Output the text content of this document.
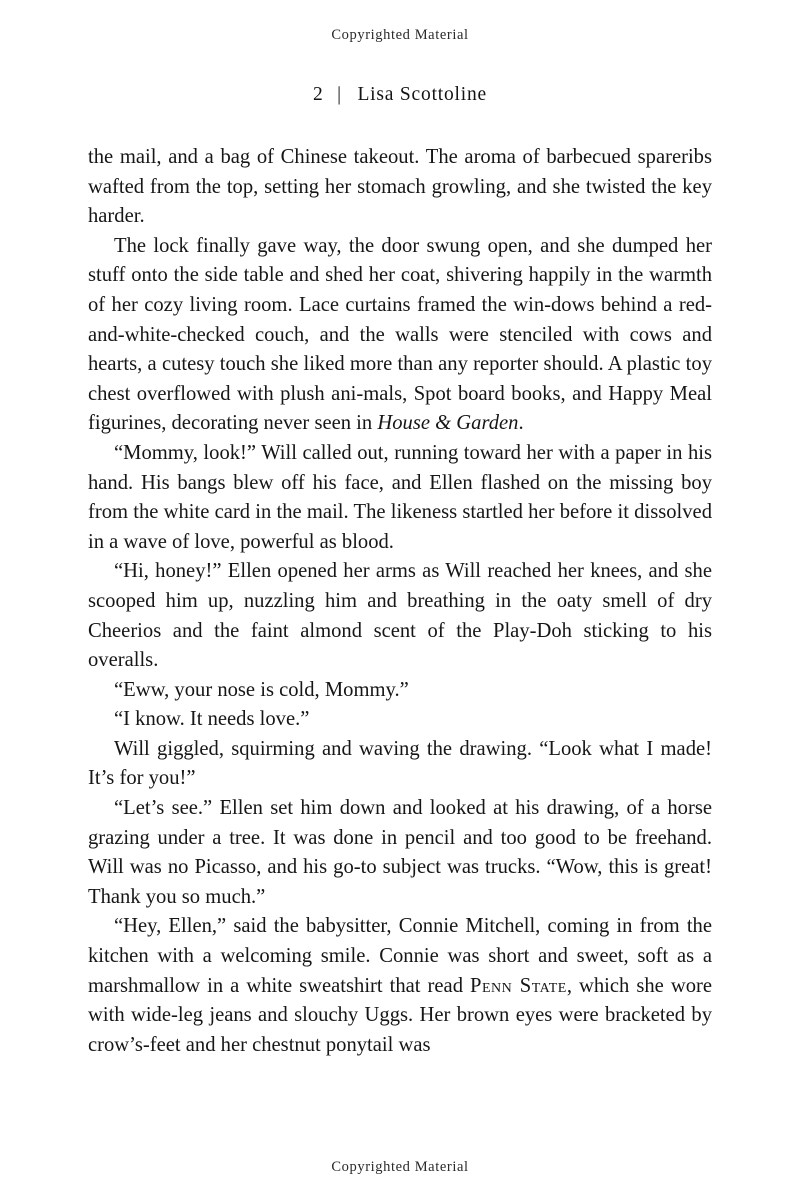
Copyrighted Material
2 | Lisa Scottoline

the mail, and a bag of Chinese takeout. The aroma of barbecued spareribs wafted from the top, setting her stomach growling, and she twisted the key harder.

The lock finally gave way, the door swung open, and she dumped her stuff onto the side table and shed her coat, shivering happily in the warmth of her cozy living room. Lace curtains framed the win-dows behind a red-and-white-checked couch, and the walls were stenciled with cows and hearts, a cutesy touch she liked more than any reporter should. A plastic toy chest overflowed with plush ani-mals, Spot board books, and Happy Meal figurines, decorating never seen in House & Garden.

“Mommy, look!” Will called out, running toward her with a paper in his hand. His bangs blew off his face, and Ellen flashed on the missing boy from the white card in the mail. The likeness startled her before it dissolved in a wave of love, powerful as blood.

“Hi, honey!” Ellen opened her arms as Will reached her knees, and she scooped him up, nuzzling him and breathing in the oaty smell of dry Cheerios and the faint almond scent of the Play-Doh sticking to his overalls.

“Eww, your nose is cold, Mommy.”

“I know. It needs love.”

Will giggled, squirming and waving the drawing. “Look what I made! It’s for you!”

“Let’s see.” Ellen set him down and looked at his drawing, of a horse grazing under a tree. It was done in pencil and too good to be freehand. Will was no Picasso, and his go-to subject was trucks. “Wow, this is great! Thank you so much.”

“Hey, Ellen,” said the babysitter, Connie Mitchell, coming in from the kitchen with a welcoming smile. Connie was short and sweet, soft as a marshmallow in a white sweatshirt that read Penn State, which she wore with wide-leg jeans and slouchy Uggs. Her brown eyes were bracketed by crow’s-feet and her chestnut ponytail was

Copyrighted Material
